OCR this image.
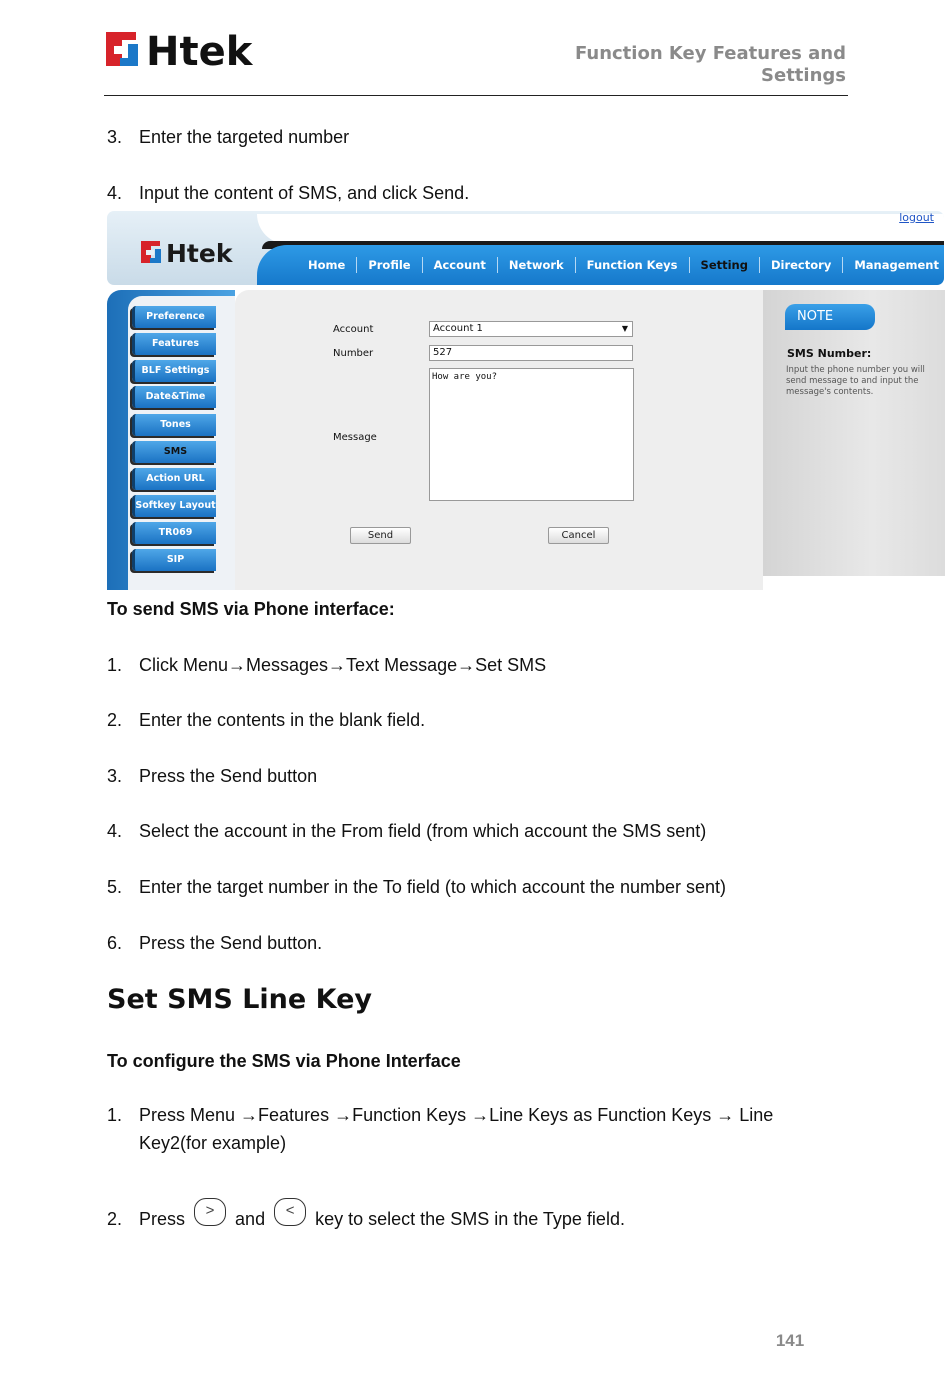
Htek	Function Key Features and Settings
3. Enter the targeted number
4. Input the content of SMS, and click Send.
Htek	Home	Profile	Account	Network	Function Keys	Setting	Directory	Management
logout
Preference
Features
BLF Settings
Date&Time
Tones
SMS
Action URL
Softkey Layout
TR069
SIP
Account	Account 1	▼
Number	527
Message
How are you?
Send	Cancel
NOTE
SMS Number:
Input the phone number you will send message to and input the message's contents.
To send SMS via Phone interface:
1. Click Menu→Messages→Text Message→Set SMS
2. Enter the contents in the blank field.
3. Press the Send button
4. Select the account in the From field (from which account the SMS sent)
5. Enter the target number in the To field (to which account the number sent)
6. Press the Send button.
Set SMS Line Key
To configure the SMS via Phone Interface
1. Press Menu →Features →Function Keys →Line Keys as Function Keys → Line Key2(for example)
2. Press > and < key to select the SMS in the Type field.
141
